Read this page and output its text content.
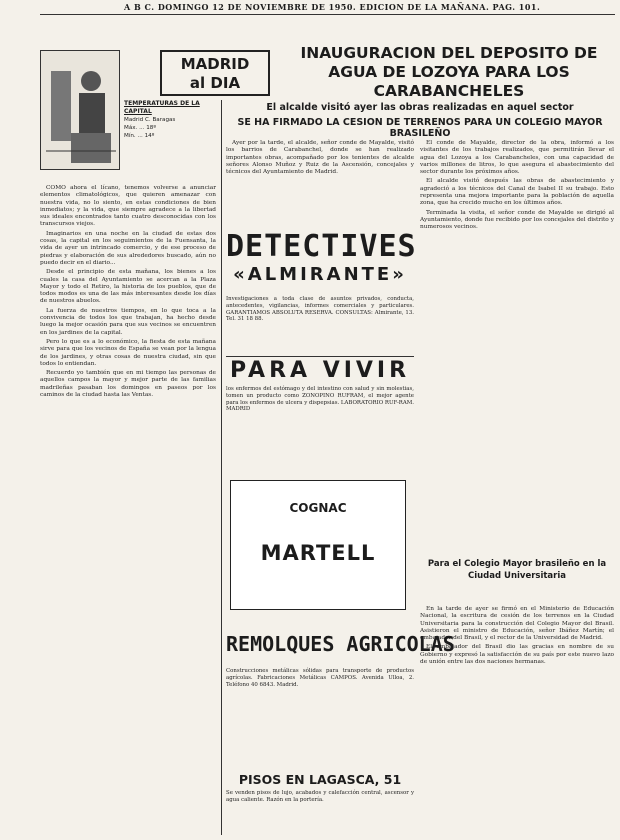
A B C. DOMINGO 12 DE NOVIEMBRE DE 1950. EDICION DE LA MAÑANA. PAG. 101.
MADRID
al DIA
TEMPERATURAS DE LA CAPITAL
Madrid C. Baragas
Máx. ... 18º
Mín. ... 14º
INAUGURACION DEL DEPOSITO DE AGUA DE LOZOYA PARA LOS CARABANCHELES
El alcalde visitó ayer las obras realizadas en aquel sector
SE HA FIRMADO LA CESION DE TERRENOS PARA UN COLEGIO MAYOR BRASILEÑO

COMO ahora el lícano, tenemos volverse a anunciar elementos climatológicos, que quieren amenazar con nuestra vida, no lo siento, en estas condiciones de bien inmediatos; y la vida, que siempre agradece a la libertad sus ideales encontrados tanto cuatro desconocidas con los transcursos viejos.

Imaginarios en una noche en la ciudad de estas dos cosas, la capital en los seguimientos de la Fuensanta, la vida de ayer un intrincado comercio, y de ese proceso de piedras y elaboración de sus alrededores buscado, aún no puedo decir en el diario...

Desde el principio de esta mañana, los bienes a los cuales la casa del Ayuntamiento se acercan a la Plaza Mayor y todo el Retiro, la historia de los pueblos, que de todos modos es una de las más interesantes desde los días de nuestros abuelos.

La fuerza de nuestros tiempos, en lo que toca a la convivencia de todos los que trabajan, ha hecho desde luego la mejor ocasión para que sus vecinos se encuentren en los jardines de la capital.

Pero lo que es a lo económico, la fiesta de esta mañana sirve para que los vecinos de España se vean por la lengua de los jardines, y otras cosas de nuestra ciudad, sin que todos lo entiendan.

Recuerdo yo también que en mi tiempo las personas de aquellos campos la mayor y mejor parte de las familias madrileñas pasaban los domingos en paseos por los caminos de la ciudad hasta las Ventas.

Ayer por la tarde, el alcalde, señor conde de Mayalde, visitó los barrios de Carabanchel, donde se han realizado importantes obras, acompañado por los tenientes de alcalde señores Alonso Muñoz y Ruiz de la Ascensión, concejales y técnicos del Ayuntamiento de Madrid.

El conde de Mayalde, director de la obra, informó a los visitantes de los trabajos realizados, que permitirán llevar el agua del Lozoya a los Carabancheles, con una capacidad de varios millones de litros, lo que asegura el abastecimiento del sector durante los próximos años.

El alcalde visitó después las obras de abastecimiento y agradeció a los técnicos del Canal de Isabel II su trabajo. Esto representa una mejora importante para la población de aquella zona, que ha crecido mucho en los últimos años.

Terminada la visita, el señor conde de Mayalde se dirigió al Ayuntamiento, donde fue recibido por los concejales del distrito y numerosos vecinos.

Para el Colegio Mayor brasileño en la Ciudad Universitaria

En la tarde de ayer se firmó en el Ministerio de Educación Nacional, la escritura de cesión de los terrenos en la Ciudad Universitaria para la construcción del Colegio Mayor del Brasil. Asistieron el ministro de Educación, señor Ibáñez Martín; el embajador del Brasil, y el rector de la Universidad de Madrid.

El embajador del Brasil dio las gracias en nombre de su Gobierno y expresó la satisfacción de su país por este nuevo lazo de unión entre las dos naciones hermanas.

DETECTIVES
«ALMIRANTE»
Investigaciones a toda clase de asuntos privados, conducta, antecedentes, vigilancias, informes comerciales y particulares. GARANTIAMOS ABSOLUTA RESERVA. CONSULTAS: Almirante, 13. Tel. 31 18 88.
PARA VIVIR
los enfermos del estómago y del intestino con salud y sin molestias, tomen un producto como ZONOPINO RUFRAM, el mejor agente para los enfermos de ulcera y dispepsias. LABORATORIO RUF-RAM. MADRID
COGNAC
MARTELL
REMOLQUES AGRICOLAS
Construcciones metálicas sólidas para transporte de productos agrícolas. Fabricaciones Metálicas CAMPOS. Avenida Ulloa, 2. Teléfono 40 6843. Madrid.
PISOS EN LAGASCA, 51
Se venden pisos de lujo, acabados y calefacción central, ascensor y agua caliente. Razón en la portería.
